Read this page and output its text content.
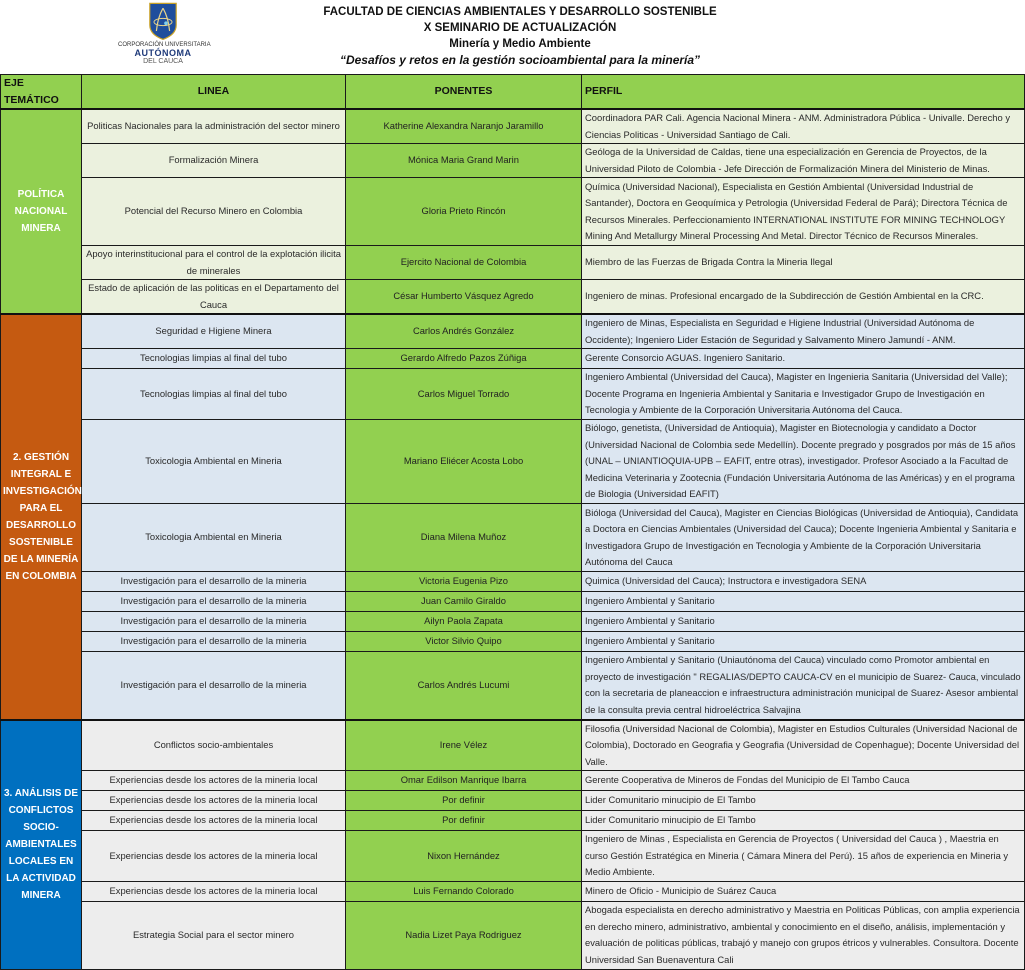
CORPORACIÓN UNIVERSITARIA
AUTÓNOMA
DEL CAUCA
FACULTAD DE CIENCIAS AMBIENTALES Y DESARROLLO SOSTENIBLE
X SEMINARIO DE ACTUALIZACIÓN
Minería y Medio Ambiente
“Desafíos y retos en la gestión socioambiental para la minería”
EJE TEMÁTICO	LINEA	PONENTES	PERFIL
POLÍTICA NACIONAL MINERA	Politicas Nacionales para la administración del sector minero	Katherine Alexandra Naranjo Jaramillo	Coordinadora PAR Cali. Agencia Nacional Minera - ANM. Administradora Pública - Univalle. Derecho y Ciencias Politicas - Universidad Santiago de Cali.
	Formalización Minera	Mónica Maria Grand Marin	Geóloga de la Universidad de Caldas, tiene una especialización en Gerencia de Proyectos, de la Universidad Piloto de Colombia - Jefe Dirección de Formalización Minera del Ministerio de Minas.
	Potencial del Recurso Minero en Colombia	Gloria Prieto Rincón	Química (Universidad Nacional), Especialista en Gestión Ambiental (Universidad Industrial de Santander), Doctora en Geoquímica y Petrologia (Universidad Federal de Pará); Directora Técnica de Recursos Minerales. Perfeccionamiento INTERNATIONAL INSTITUTE FOR MINING TECHNOLOGY Mining And Metallurgy Mineral Processing And Metal. Director Técnico de Recursos Minerales.
	Apoyo interinstitucional para el control de la explotación ilicita de minerales	Ejercito Nacional de Colombia	Miembro de las Fuerzas de Brigada Contra la Mineria Ilegal
	Estado de aplicación de las politicas en el Departamento del Cauca	César Humberto Vásquez Agredo	Ingeniero de minas. Profesional encargado de la Subdirección de Gestión Ambiental en la CRC.
2. GESTIÓN INTEGRAL E INVESTIGACIÓN PARA EL DESARROLLO SOSTENIBLE DE LA MINERÍA EN COLOMBIA	Seguridad e Higiene Minera	Carlos Andrés González	Ingeniero de Minas, Especialista en Seguridad e Higiene Industrial (Universidad Autónoma de Occidente); Ingeniero Lider Estación de Seguridad y Salvamento Minero Jamundí - ANM.
	Tecnologias limpias al final del tubo	Gerardo Alfredo Pazos Zúñiga	Gerente Consorcio AGUAS. Ingeniero Sanitario.
	Tecnologias limpias al final del tubo	Carlos Miguel Torrado	Ingeniero Ambiental (Universidad del Cauca), Magister en Ingenieria Sanitaria (Universidad del Valle); Docente Programa en Ingenieria Ambiental y Sanitaria e Investigador Grupo de Investigación en Tecnologia y Ambiente de la Corporación Universitaria Autónoma del Cauca.
	Toxicologia Ambiental en Mineria	Mariano Eliécer Acosta Lobo	Biólogo, genetista, (Universidad de Antioquia), Magister en Biotecnologia y candidato a Doctor (Universidad Nacional de Colombia sede Medellín). Docente pregrado y posgrados por más de 15 años (UNAL – UNIANTIOQUIA-UPB – EAFIT, entre otras), investigador. Profesor Asociado a la Facultad de Medicina Veterinaria y Zootecnia (Fundación Universitaria Autónoma de las Américas) y en el programa de Biologia (Universidad EAFIT)
	Toxicologia Ambiental en Mineria	Diana Milena Muñoz	Bióloga (Universidad del Cauca), Magister en Ciencias Biológicas (Universidad de Antioquia), Candidata a Doctora en Ciencias Ambientales (Universidad del Cauca); Docente Ingenieria Ambiental y Sanitaria e Investigadora Grupo de Investigación en Tecnologia y Ambiente de la Corporación Universitaria Autónoma del Cauca
	Investigación para el desarrollo de la mineria	Victoria Eugenia Pizo	Quimica (Universidad del Cauca); Instructora e investigadora SENA
	Investigación para el desarrollo de la mineria	Juan Camilo Giraldo	Ingeniero Ambiental y Sanitario
	Investigación para el desarrollo de la mineria	Ailyn Paola Zapata	Ingeniero Ambiental y Sanitario
	Investigación para el desarrollo de la mineria	Victor Silvio Quipo	Ingeniero Ambiental y Sanitario
	Investigación para el desarrollo de la mineria	Carlos Andrés Lucumi	Ingeniero Ambiental y Sanitario (Uniautónoma del Cauca) vinculado como Promotor ambiental en proyecto de investigación " REGALIAS/DEPTO CAUCA-CV en el municipio de Suarez- Cauca, vinculado con la secretaria de planeaccion e infraestructura administración municipal de Suarez- Asesor ambiental de la consulta previa central hidroeléctrica Salvajina
3. ANÁLISIS DE CONFLICTOS SOCIO-AMBIENTALES LOCALES EN LA ACTIVIDAD MINERA	Conflictos socio-ambientales	Irene Vélez	Filosofia (Universidad Nacional de Colombia), Magister en Estudios Culturales (Universidad Nacional de Colombia), Doctorado en Geografia y Geografia (Universidad de Copenhague); Docente Universidad del Valle.
	Experiencias desde los actores de la mineria local	Omar Edilson Manrique Ibarra	Gerente Cooperativa de Mineros de Fondas del Municipio de El Tambo Cauca
	Experiencias desde los actores de la mineria local	Por definir	Lider Comunitario minucipio de El Tambo
	Experiencias desde los actores de la mineria local	Por definir	Lider Comunitario minucipio de El Tambo
	Experiencias desde los actores de la mineria local	Nixon Hernández	Ingeniero de Minas , Especialista en Gerencia de Proyectos ( Universidad del Cauca ) , Maestria en curso Gestión Estratégica en Mineria ( Cámara Minera del Perú). 15 años de experiencia en Mineria y Medio Ambiente.
	Experiencias desde los actores de la mineria local	Luis Fernando Colorado	Minero de Oficio - Municipio de Suárez Cauca
	Estrategia Social para el sector minero	Nadia Lizet Paya Rodriguez	Abogada especialista en derecho administrativo y Maestria en Politicas Públicas, con amplia experiencia en derecho minero, administrativo, ambiental y conocimiento en el diseño, análisis, implementación y evaluación de politicas públicas, trabajó y manejo con grupos étricos y vulnerables. Consultora. Docente Universidad San Buenaventura Cali
